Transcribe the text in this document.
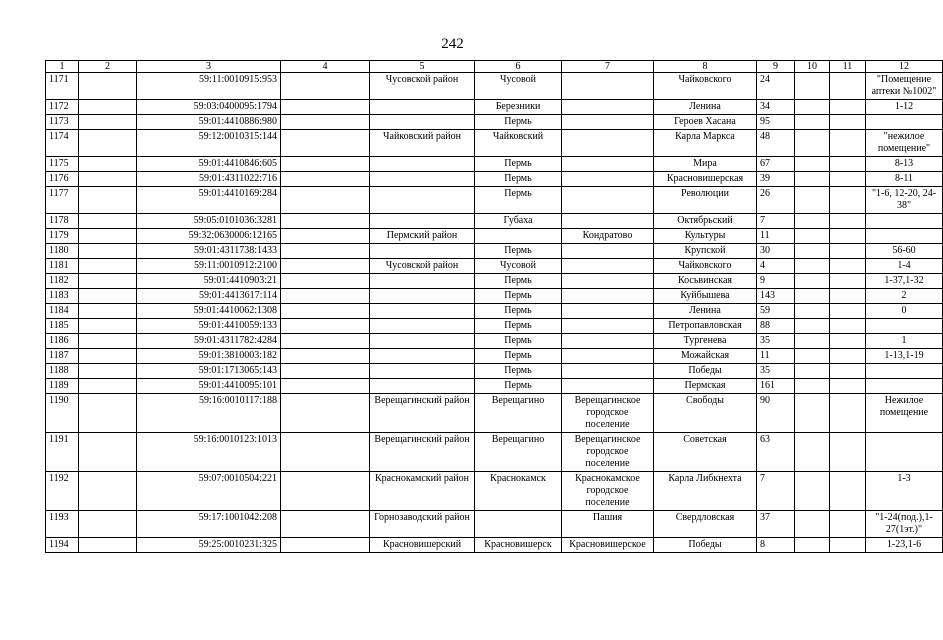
242
1	2	3	4	5	6	7	8	9	10	11	12
1171		59:11:0010915:953		Чусовской район	Чусовой		Чайковского	24			"Помещение аптеки №1002"
1172		59:03:0400095:1794			Березники		Ленина	34			1-12
1173		59:01:4410886:980			Пермь		Героев Хасана	95			
1174		59:12:0010315:144		Чайковский район	Чайковский		Карла Маркса	48			"нежилое помещение"
1175		59:01:4410846:605			Пермь		Мира	67			8-13
1176		59:01:4311022:716			Пермь		Красновишерская	39			8-11
1177		59:01:4410169:284			Пермь		Революции	26			"1-6, 12-20, 24-38"
1178		59:05:0101036:3281			Губаха		Октябрьский	7			
1179		59:32:0630006:12165		Пермский район		Кондратово	Культуры	11			
1180		59:01:4311738:1433			Пермь		Крупской	30			56-60
1181		59:11:0010912:2100		Чусовской район	Чусовой		Чайковского	4			1-4
1182		59:01:4410903:21			Пермь		Косьвинская	9			1-37,1-32
1183		59:01:4413617:114			Пермь		Куйбышева	143			2
1184		59:01:4410062:1308			Пермь		Ленина	59			0
1185		59:01:4410059:133			Пермь		Петропавловская	88			
1186		59:01:4311782:4284			Пермь		Тургенева	35			1
1187		59:01:3810003:182			Пермь		Можайская	11			1-13,1-19
1188		59:01:1713065:143			Пермь		Победы	35			
1189		59:01:4410095:101			Пермь		Пермская	161			
1190		59:16:0010117:188		Верещагинский район	Верещагино	Верещагинское городское поселение	Свободы	90			Нежилое помещение
1191		59:16:0010123:1013		Верещагинский район	Верещагино	Верещагинское городское поселение	Советская	63			
1192		59:07:0010504:221		Краснокамский район	Краснокамск	Краснокамское городское поселение	Карла Либкнехта	7			1-3
1193		59:17:1001042:208		Горнозаводский район		Пашия	Свердловская	37			"1-24(под.),1-27(1эт.)"
1194		59:25:0010231:325		Красновишерский	Красновишерск	Красновишерское	Победы	8			1-23,1-6
